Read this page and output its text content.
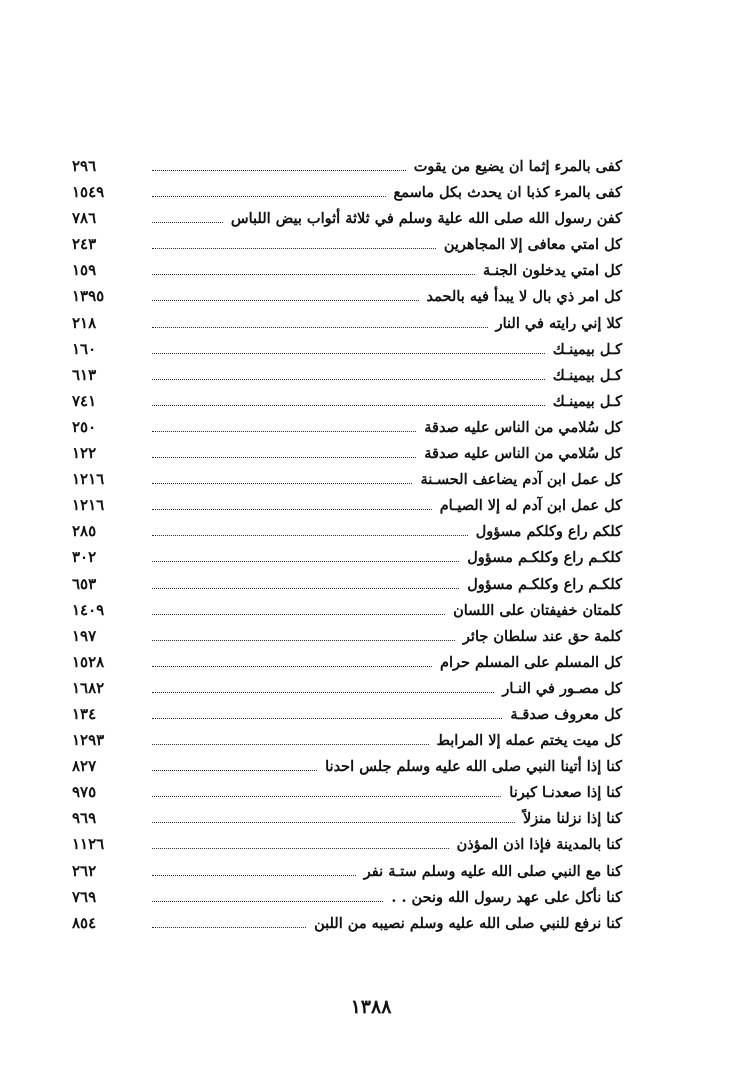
كفى بالمرء إثما ان يضيع من يقوت
٢٩٦
كفى بالمرء كذبا ان يحدث بكل ماسمع
١٥٤٩
كفن رسول الله صلى الله علية وسلم في ثلاثة أثواب بيض اللباس
٧٨٦
كل امتي معافى إلا المجاهرين
٢٤٣
كل امتي يدخلون الجنـة
١٥٩
كل امر ذي بال لا يبدأ فيه بالحمد
١٣٩٥
كلا إني رايته في النار
٢١٨
كـل بيمينـك
١٦٠
كـل بيمينـك
٦١٣
كـل بيمينـك
٧٤١
كل سُلامي من الناس عليه صدقة
٢٥٠
كل سُلامي من الناس عليه صدقة
١٢٢
كل عمل ابن آدم يضاعف الحسـنة
١٢١٦
كل عمل ابن آدم له إلا الصيـام
١٢١٦
كلكم راع وكلكم مسؤول
٢٨٥
كلكـم راع وكلكـم مسؤول
٣٠٢
كلكـم راع وكلكـم مسؤول
٦٥٣
كلمتان خفيفتان على اللسان
١٤٠٩
كلمة حق عند سلطان جائر
١٩٧
كل المسلم على المسلم حرام
١٥٢٨
كل مصـور في النـار
١٦٨٢
كل معروف صدقـة
١٣٤
كل ميت يختم عمله إلا المرابط
١٢٩٣
كنا إذا أتينا النبي صلى الله عليه وسلم جلس احدنا
٨٢٧
كنا إذا صعدنـا كبرنا
٩٧٥
كنا إذا نزلنا منزلاً
٩٦٩
كنا بالمدينة فإذا اذن المؤذن
١١٢٦
كنا مع النبي صلى الله عليه وسلم ستـة نفر
٢٦٢
كنا نأكل على عهد رسول الله ونحن . .
٧٦٩
كنا نرفع للنبي صلى الله عليه وسلم نصيبه من اللبن
٨٥٤
١٣٨٨
